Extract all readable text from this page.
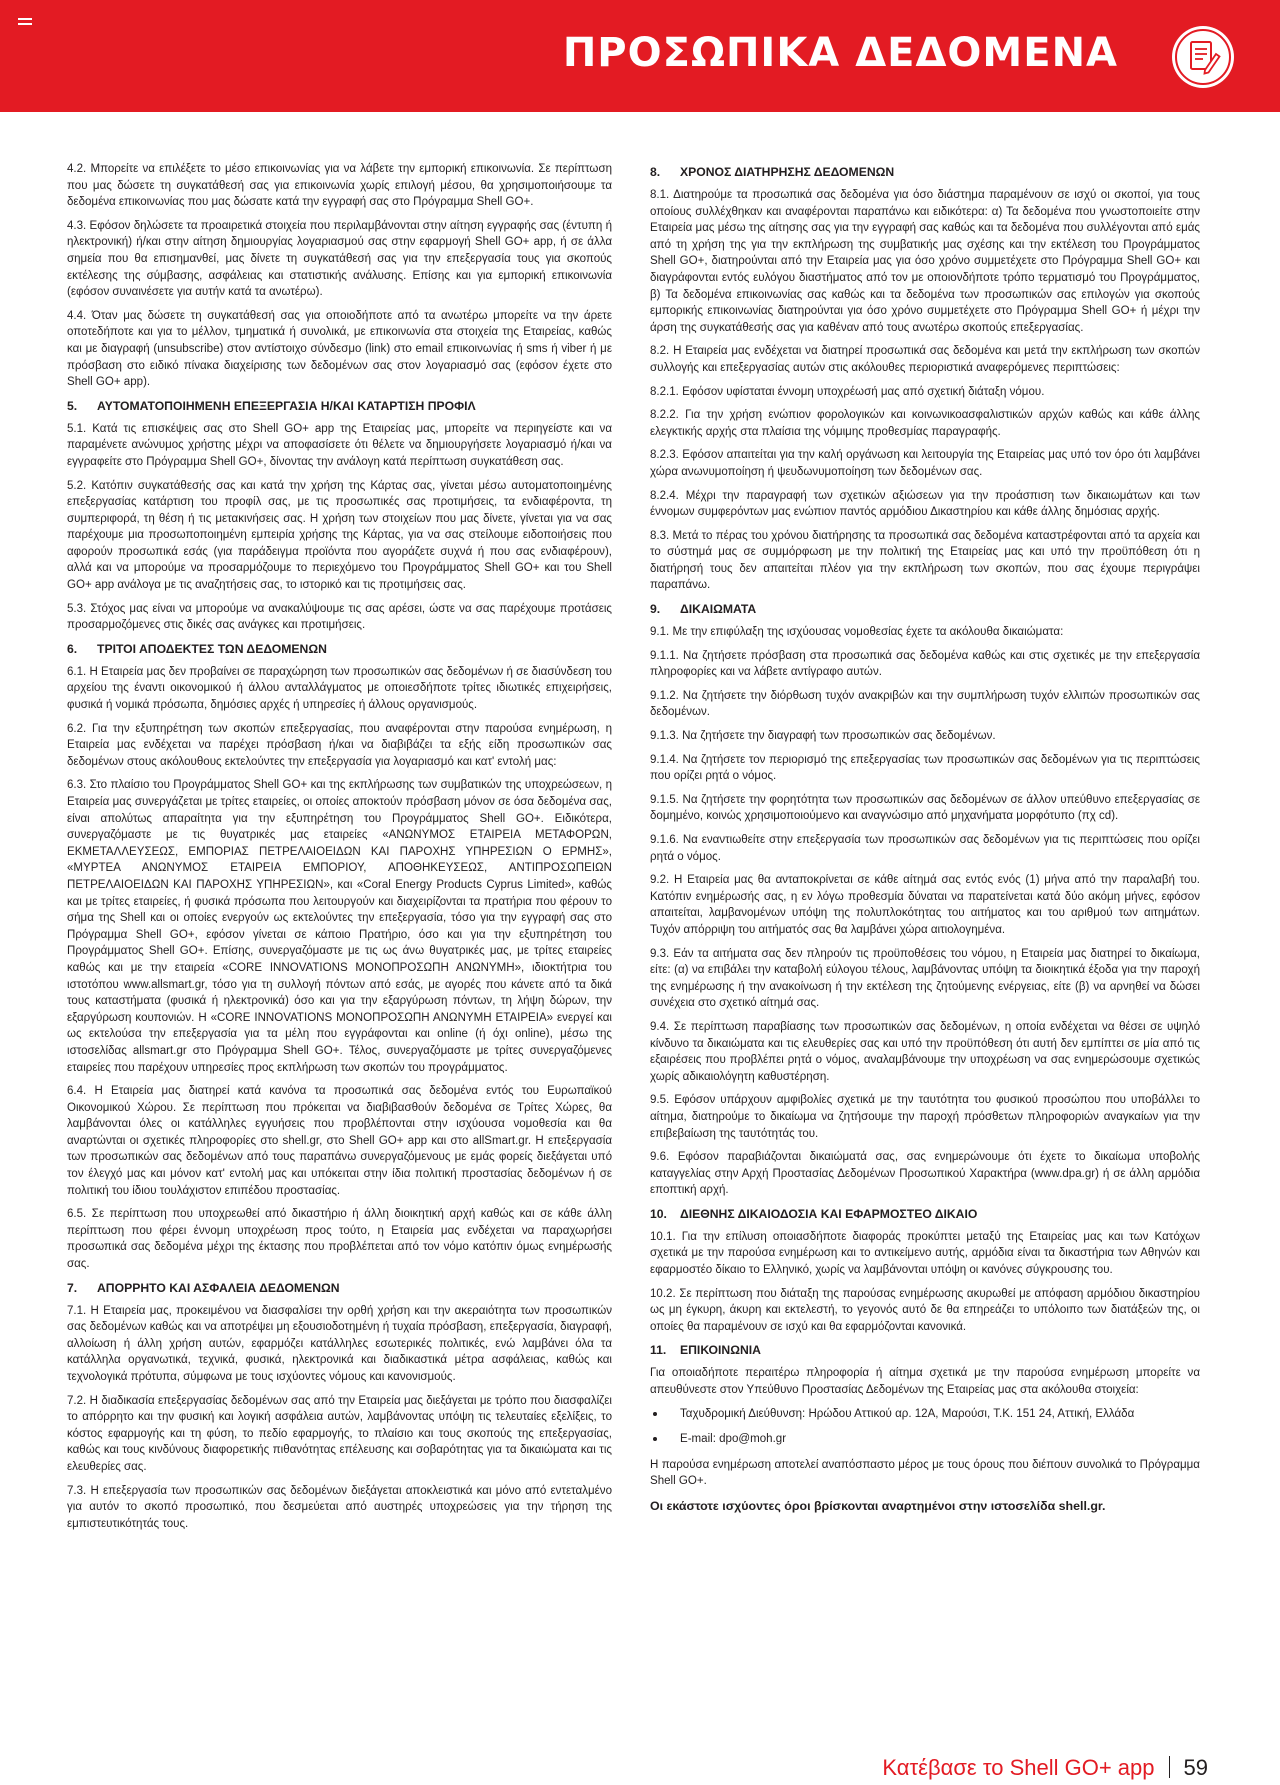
ΠΡΟΣΩΠΙΚΑ ΔΕΔΟΜΕΝΑ

4.2. Μπορείτε να επιλέξετε το μέσο επικοινωνίας για να λάβετε την εμπορική επικοινωνία. Σε περίπτωση που μας δώσετε τη συγκατάθεσή σας για επικοινωνία χωρίς επιλογή μέσου, θα χρησιμοποιήσουμε τα δεδομένα επικοινωνίας που μας δώσατε κατά την εγγραφή σας στο Πρόγραμμα Shell GO+.

4.3. Εφόσον δηλώσετε τα προαιρετικά στοιχεία που περιλαμβάνονται στην αίτηση εγγραφής σας (έντυπη ή ηλεκτρονική) ή/και στην αίτηση δημιουργίας λογαριασμού σας στην εφαρμογή Shell GO+ app, ή σε άλλα σημεία που θα επισημανθεί, μας δίνετε τη συγκατάθεσή σας για την επεξεργασία τους για σκοπούς εκτέλεσης της σύμβασης, ασφάλειας και στατιστικής ανάλυσης. Επίσης και για εμπορική επικοινωνία (εφόσον συναινέσετε για αυτήν κατά τα ανωτέρω).

4.4. Όταν μας δώσετε τη συγκατάθεσή σας για οποιοδήποτε από τα ανωτέρω μπορείτε να την άρετε οποτεδήποτε και για το μέλλον, τμηματικά ή συνολικά, με επικοινωνία στα στοιχεία της Εταιρείας, καθώς και με διαγραφή (unsubscribe) στον αντίστοιχο σύνδεσμο (link) στο email επικοινωνίας ή sms ή viber ή με πρόσβαση στο ειδικό πίνακα διαχείρισης των δεδομένων σας στον λογαριασμό σας (εφόσον έχετε στο Shell GO+ app).

5. ΑΥΤΟΜΑΤΟΠΟΙΗΜΕΝΗ ΕΠΕΞΕΡΓΑΣΙΑ Η/ΚΑΙ ΚΑΤΑΡΤΙΣΗ ΠΡΟΦΙΛ

5.1. Κατά τις επισκέψεις σας στο Shell GO+ app της Εταιρείας μας, μπορείτε να περιηγείστε και να παραμένετε ανώνυμος χρήστης μέχρι να αποφασίσετε ότι θέλετε να δημιουργήσετε λογαριασμό ή/και να εγγραφείτε στο Πρόγραμμα Shell GO+, δίνοντας την ανάλογη κατά περίπτωση συγκατάθεση σας.

5.2. Κατόπιν συγκατάθεσής σας και κατά την χρήση της Κάρτας σας, γίνεται μέσω αυτοματοποιημένης επεξεργασίας κατάρτιση του προφίλ σας, με τις προσωπικές σας προτιμήσεις, τα ενδιαφέροντα, τη συμπεριφορά, τη θέση ή τις μετακινήσεις σας. Η χρήση των στοιχείων που μας δίνετε, γίνεται για να σας παρέχουμε μια προσωποποιημένη εμπειρία χρήσης της Κάρτας, για να σας στείλουμε ειδοποιήσεις που αφορούν προσωπικά εσάς (για παράδειγμα προϊόντα που αγοράζετε συχνά ή που σας ενδιαφέρουν), αλλά και να μπορούμε να προσαρμόζουμε το περιεχόμενο του Προγράμματος Shell GO+ και του Shell GO+ app ανάλογα με τις αναζητήσεις σας, το ιστορικό και τις προτιμήσεις σας.

5.3. Στόχος μας είναι να μπορούμε να ανακαλύψουμε τις σας αρέσει, ώστε να σας παρέχουμε προτάσεις προσαρμοζόμενες στις δικές σας ανάγκες και προτιμήσεις.

6. ΤΡΙΤΟΙ ΑΠΟΔΕΚΤΕΣ ΤΩΝ ΔΕΔΟΜΕΝΩΝ

6.1. Η Εταιρεία μας δεν προβαίνει σε παραχώρηση των προσωπικών σας δεδομένων ή σε διασύνδεση του αρχείου της έναντι οικονομικού ή άλλου ανταλλάγματος με οποιεσδήποτε τρίτες ιδιωτικές επιχειρήσεις, φυσικά ή νομικά πρόσωπα, δημόσιες αρχές ή υπηρεσίες ή άλλους οργανισμούς.

6.2. Για την εξυπηρέτηση των σκοπών επεξεργασίας, που αναφέρονται στην παρούσα ενημέρωση, η Εταιρεία μας ενδέχεται να παρέχει πρόσβαση ή/και να διαβιβάζει τα εξής είδη προσωπικών σας δεδομένων στους ακόλουθους εκτελούντες την επεξεργασία για λογαριασμό και κατ' εντολή μας:

6.3. Στο πλαίσιο του Προγράμματος Shell GO+ και της εκπλήρωσης των συμβατικών της υποχρεώσεων, η Εταιρεία μας συνεργάζεται με τρίτες εταιρείες, οι οποίες αποκτούν πρόσβαση μόνον σε όσα δεδομένα σας, είναι απολύτως απαραίτητα για την εξυπηρέτηση του Προγράμματος Shell GO+. Ειδικότερα, συνεργαζόμαστε με τις θυγατρικές μας εταιρείες «ΑΝΩΝΥΜΟΣ ΕΤΑΙΡΕΙΑ ΜΕΤΑΦΟΡΩΝ, ΕΚΜΕΤΑΛΛΕΥΣΕΩΣ, ΕΜΠΟΡΙΑΣ ΠΕΤΡΕΛΑΙΟΕΙΔΩΝ ΚΑΙ ΠΑΡΟΧΗΣ ΥΠΗΡΕΣΙΩΝ Ο ΕΡΜΗΣ», «ΜΥΡΤΕΑ ΑΝΩΝΥΜΟΣ ΕΤΑΙΡΕΙΑ ΕΜΠΟΡΙΟΥ, ΑΠΟΘΗΚΕΥΣΕΩΣ, ΑΝΤΙΠΡΟΣΩΠΕΙΩΝ ΠΕΤΡΕΛΑΙΟΕΙΔΩΝ ΚΑΙ ΠΑΡΟΧΗΣ ΥΠΗΡΕΣΙΩΝ», και «Coral Energy Products Cyprus Limited», καθώς και με τρίτες εταιρείες, ή φυσικά πρόσωπα που λειτουργούν και διαχειρίζονται τα πρατήρια που φέρουν το σήμα της Shell και οι οποίες ενεργούν ως εκτελούντες την επεξεργασία, τόσο για την εγγραφή σας στο Πρόγραμμα Shell GO+, εφόσον γίνεται σε κάποιο Πρατήριο, όσο και για την εξυπηρέτηση του Προγράμματος Shell GO+. Επίσης, συνεργαζόμαστε με τις ως άνω θυγατρικές μας, με τρίτες εταιρείες καθώς και με την εταιρεία «CORE INNOVATIONS ΜΟΝΟΠΡΟΣΩΠΗ ΑΝΩΝΥΜΗ», ιδιοκτήτρια του ιστοτόπου www.allsmart.gr, τόσο για τη συλλογή πόντων από εσάς, με αγορές που κάνετε από τα δικά τους καταστήματα (φυσικά ή ηλεκτρονικά) όσο και για την εξαργύρωση πόντων, τη λήψη δώρων, την εξαργύρωση κουπονιών. Η «CORE INNOVATIONS ΜΟΝΟΠΡΟΣΩΠΗ ΑΝΩΝΥΜΗ ΕΤΑΙΡΕΙΑ» ενεργεί και ως εκτελούσα την επεξεργασία για τα μέλη που εγγράφονται και online (ή όχι online), μέσω της ιστοσελίδας allsmart.gr στο Πρόγραμμα Shell GO+. Τέλος, συνεργαζόμαστε με τρίτες συνεργαζόμενες εταιρείες που παρέχουν υπηρεσίες προς εκπλήρωση των σκοπών του προγράμματος.

6.4. Η Εταιρεία μας διατηρεί κατά κανόνα τα προσωπικά σας δεδομένα εντός του Ευρωπαϊκού Οικονομικού Χώρου. Σε περίπτωση που πρόκειται να διαβιβασθούν δεδομένα σε Τρίτες Χώρες, θα λαμβάνονται όλες οι κατάλληλες εγγυήσεις που προβλέπονται στην ισχύουσα νομοθεσία και θα αναρτώνται οι σχετικές πληροφορίες στο shell.gr, στο Shell GO+ app και στο allSmart.gr. Η επεξεργασία των προσωπικών σας δεδομένων από τους παραπάνω συνεργαζόμενους με εμάς φορείς διεξάγεται υπό τον έλεγχό μας και μόνον κατ' εντολή μας και υπόκειται στην ίδια πολιτική προστασίας δεδομένων ή σε πολιτική του ίδιου τουλάχιστον επιπέδου προστασίας.

6.5. Σε περίπτωση που υποχρεωθεί από δικαστήριο ή άλλη διοικητική αρχή καθώς και σε κάθε άλλη περίπτωση που φέρει έννομη υποχρέωση προς τούτο, η Εταιρεία μας ενδέχεται να παραχωρήσει προσωπικά σας δεδομένα μέχρι της έκτασης που προβλέπεται από τον νόμο κατόπιν όμως ενημέρωσής σας.

7. ΑΠΟΡΡΗΤΟ ΚΑΙ ΑΣΦΑΛΕΙΑ ΔΕΔΟΜΕΝΩΝ

7.1. Η Εταιρεία μας, προκειμένου να διασφαλίσει την ορθή χρήση και την ακεραιότητα των προσωπικών σας δεδομένων καθώς και να αποτρέψει μη εξουσιοδοτημένη ή τυχαία πρόσβαση, επεξεργασία, διαγραφή, αλλοίωση ή άλλη χρήση αυτών, εφαρμόζει κατάλληλες εσωτερικές πολιτικές, ενώ λαμβάνει όλα τα κατάλληλα οργανωτικά, τεχνικά, φυσικά, ηλεκτρονικά και διαδικαστικά μέτρα ασφάλειας, καθώς και τεχνολογικά πρότυπα, σύμφωνα με τους ισχύοντες νόμους και κανονισμούς.

7.2. Η διαδικασία επεξεργασίας δεδομένων σας από την Εταιρεία μας διεξάγεται με τρόπο που διασφαλίζει το απόρρητο και την φυσική και λογική ασφάλεια αυτών, λαμβάνοντας υπόψη τις τελευταίες εξελίξεις, το κόστος εφαρμογής και τη φύση, το πεδίο εφαρμογής, το πλαίσιο και τους σκοπούς της επεξεργασίας, καθώς και τους κινδύνους διαφορετικής πιθανότητας επέλευσης και σοβαρότητας για τα δικαιώματα και τις ελευθερίες σας.

7.3. Η επεξεργασία των προσωπικών σας δεδομένων διεξάγεται αποκλειστικά και μόνο από εντεταλμένο για αυτόν το σκοπό προσωπικό, που δεσμεύεται από αυστηρές υποχρεώσεις για την τήρηση της εμπιστευτικότητάς τους.

8. ΧΡΟΝΟΣ ΔΙΑΤΗΡΗΣΗΣ ΔΕΔΟΜΕΝΩΝ

8.1. Διατηρούμε τα προσωπικά σας δεδομένα για όσο διάστημα παραμένουν σε ισχύ οι σκοποί, για τους οποίους συλλέχθηκαν και αναφέρονται παραπάνω και ειδικότερα: α) Τα δεδομένα που γνωστοποιείτε στην Εταιρεία μας μέσω της αίτησης σας για την εγγραφή σας καθώς και τα δεδομένα που συλλέγονται από εμάς από τη χρήση της για την εκπλήρωση της συμβατικής μας σχέσης και την εκτέλεση του Προγράμματος Shell GO+, διατηρούνται από την Εταιρεία μας για όσο χρόνο συμμετέχετε στο Πρόγραμμα Shell GO+ και διαγράφονται εντός ευλόγου διαστήματος από τον με οποιονδήποτε τρόπο τερματισμό του Προγράμματος, β) Τα δεδομένα επικοινωνίας σας καθώς και τα δεδομένα των προσωπικών σας επιλογών για σκοπούς εμπορικής επικοινωνίας διατηρούνται για όσο χρόνο συμμετέχετε στο Πρόγραμμα Shell GO+ ή μέχρι την άρση της συγκατάθεσής σας για καθέναν από τους ανωτέρω σκοπούς επεξεργασίας.

8.2. Η Εταιρεία μας ενδέχεται να διατηρεί προσωπικά σας δεδομένα και μετά την εκπλήρωση των σκοπών συλλογής και επεξεργασίας αυτών στις ακόλουθες περιοριστικά αναφερόμενες περιπτώσεις:

8.2.1. Εφόσον υφίσταται έννομη υποχρέωσή μας από σχετική διάταξη νόμου.

8.2.2. Για την χρήση ενώπιον φορολογικών και κοινωνικοασφαλιστικών αρχών καθώς και κάθε άλλης ελεγκτικής αρχής στα πλαίσια της νόμιμης προθεσμίας παραγραφής.

8.2.3. Εφόσον απαιτείται για την καλή οργάνωση και λειτουργία της Εταιρείας μας υπό τον όρο ότι λαμβάνει χώρα ανωνυμοποίηση ή ψευδωνυμοποίηση των δεδομένων σας.

8.2.4. Μέχρι την παραγραφή των σχετικών αξιώσεων για την προάσπιση των δικαιωμάτων και των έννομων συμφερόντων μας ενώπιον παντός αρμόδιου Δικαστηρίου και κάθε άλλης δημόσιας αρχής.

8.3. Μετά το πέρας του χρόνου διατήρησης τα προσωπικά σας δεδομένα καταστρέφονται από τα αρχεία και το σύστημά μας σε συμμόρφωση με την πολιτική της Εταιρείας μας και υπό την προϋπόθεση ότι η διατήρησή τους δεν απαιτείται πλέον για την εκπλήρωση των σκοπών, που σας έχουμε περιγράψει παραπάνω.

9. ΔΙΚΑΙΩΜΑΤΑ

9.1. Με την επιφύλαξη της ισχύουσας νομοθεσίας έχετε τα ακόλουθα δικαιώματα:

9.1.1. Να ζητήσετε πρόσβαση στα προσωπικά σας δεδομένα καθώς και στις σχετικές με την επεξεργασία πληροφορίες και να λάβετε αντίγραφο αυτών.

9.1.2. Να ζητήσετε την διόρθωση τυχόν ανακριβών και την συμπλήρωση τυχόν ελλιπών προσωπικών σας δεδομένων.

9.1.3. Να ζητήσετε την διαγραφή των προσωπικών σας δεδομένων.

9.1.4. Να ζητήσετε τον περιορισμό της επεξεργασίας των προσωπικών σας δεδομένων για τις περιπτώσεις που ορίζει ρητά ο νόμος.

9.1.5. Να ζητήσετε την φορητότητα των προσωπικών σας δεδομένων σε άλλον υπεύθυνο επεξεργασίας σε δομημένο, κοινώς χρησιμοποιούμενο και αναγνώσιμο από μηχανήματα μορφότυπο (πχ cd).

9.1.6. Να εναντιωθείτε στην επεξεργασία των προσωπικών σας δεδομένων για τις περιπτώσεις που ορίζει ρητά ο νόμος.

9.2. Η Εταιρεία μας θα ανταποκρίνεται σε κάθε αίτημά σας εντός ενός (1) μήνα από την παραλαβή του. Κατόπιν ενημέρωσής σας, η εν λόγω προθεσμία δύναται να παρατείνεται κατά δύο ακόμη μήνες, εφόσον απαιτείται, λαμβανομένων υπόψη της πολυπλοκότητας του αιτήματος και του αριθμού των αιτημάτων. Τυχόν απόρριψη του αιτήματός σας θα λαμβάνει χώρα αιτιολογημένα.

9.3. Εάν τα αιτήματα σας δεν πληρούν τις προϋποθέσεις του νόμου, η Εταιρεία μας διατηρεί το δικαίωμα, είτε: (α) να επιβάλει την καταβολή εύλογου τέλους, λαμβάνοντας υπόψη τα διοικητικά έξοδα για την παροχή της ενημέρωσης ή την ανακοίνωση ή την εκτέλεση της ζητούμενης ενέργειας, είτε (β) να αρνηθεί να δώσει συνέχεια στο σχετικό αίτημά σας.

9.4. Σε περίπτωση παραβίασης των προσωπικών σας δεδομένων, η οποία ενδέχεται να θέσει σε υψηλό κίνδυνο τα δικαιώματα και τις ελευθερίες σας και υπό την προϋπόθεση ότι αυτή δεν εμπίπτει σε μία από τις εξαιρέσεις που προβλέπει ρητά ο νόμος, αναλαμβάνουμε την υποχρέωση να σας ενημερώσουμε σχετικώς χωρίς αδικαιολόγητη καθυστέρηση.

9.5. Εφόσον υπάρχουν αμφιβολίες σχετικά με την ταυτότητα του φυσικού προσώπου που υποβάλλει το αίτημα, διατηρούμε το δικαίωμα να ζητήσουμε την παροχή πρόσθετων πληροφοριών αναγκαίων για την επιβεβαίωση της ταυτότητάς του.

9.6. Εφόσον παραβιάζονται δικαιώματά σας, σας ενημερώνουμε ότι έχετε το δικαίωμα υποβολής καταγγελίας στην Αρχή Προστασίας Δεδομένων Προσωπικού Χαρακτήρα (www.dpa.gr) ή σε άλλη αρμόδια εποπτική αρχή.

10. ΔΙΕΘΝΗΣ ΔΙΚΑΙΟΔΟΣΙΑ ΚΑΙ ΕΦΑΡΜΟΣΤΕΟ ΔΙΚΑΙΟ

10.1. Για την επίλυση οποιασδήποτε διαφοράς προκύπτει μεταξύ της Εταιρείας μας και των Κατόχων σχετικά με την παρούσα ενημέρωση και το αντικείμενο αυτής, αρμόδια είναι τα δικαστήρια των Αθηνών και εφαρμοστέο δίκαιο το Ελληνικό, χωρίς να λαμβάνονται υπόψη οι κανόνες σύγκρουσης του.

10.2. Σε περίπτωση που διάταξη της παρούσας ενημέρωσης ακυρωθεί με απόφαση αρμόδιου δικαστηρίου ως μη έγκυρη, άκυρη και εκτελεστή, το γεγονός αυτό δε θα επηρεάζει το υπόλοιπο των διατάξεών της, οι οποίες θα παραμένουν σε ισχύ και θα εφαρμόζονται κανονικά.

11. ΕΠΙΚΟΙΝΩΝΙΑ

Για οποιαδήποτε περαιτέρω πληροφορία ή αίτημα σχετικά με την παρούσα ενημέρωση μπορείτε να απευθύνεστε στον Υπεύθυνο Προστασίας Δεδομένων της Εταιρείας μας στα ακόλουθα στοιχεία:

Ταχυδρομική Διεύθυνση: Ηρώδου Αττικού αρ. 12Α, Μαρούσι, Τ.Κ. 151 24, Αττική, Ελλάδα
E-mail: dpo@moh.gr

Η παρούσα ενημέρωση αποτελεί αναπόσπαστο μέρος με τους όρους που διέπουν συνολικά το Πρόγραμμα Shell GO+.

Οι εκάστοτε ισχύοντες όροι βρίσκονται αναρτημένοι στην ιστοσελίδα shell.gr.

Κατέβασε το Shell GO+ app 59
